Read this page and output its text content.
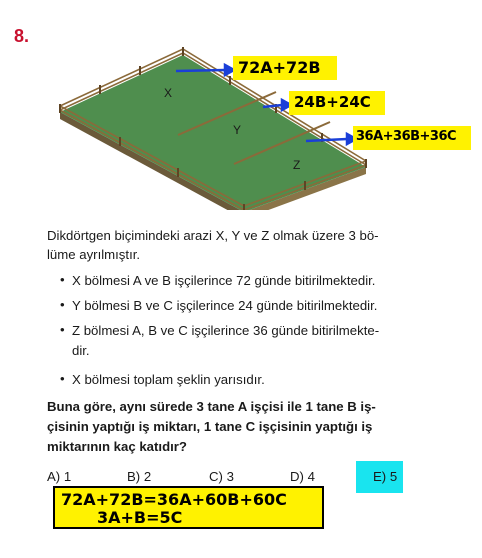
8.
X
Y
Z
72A+72B
24B+24C
36A+36B+36C
Dikdörtgen biçimindeki arazi X, Y ve Z olmak üzere 3 bö-
lüme ayrılmıştır.
• X bölmesi A ve B işçilerince 72 günde bitirilmektedir.
• Y bölmesi B ve C işçilerince 24 günde bitirilmektedir.
• Z bölmesi A, B ve C işçilerince 36 günde bitirilmekte-
dir.
• X bölmesi toplam şeklin yarısıdır.
Buna göre, aynı sürede 3 tane A işçisi ile 1 tane B iş-
çisinin yaptığı iş miktarı, 1 tane C işçisinin yaptığı iş
miktarının kaç katıdır?
A) 1	B) 2	C) 3	D) 4	E) 5
72A+72B=36A+60B+60C
3A+B=5C
